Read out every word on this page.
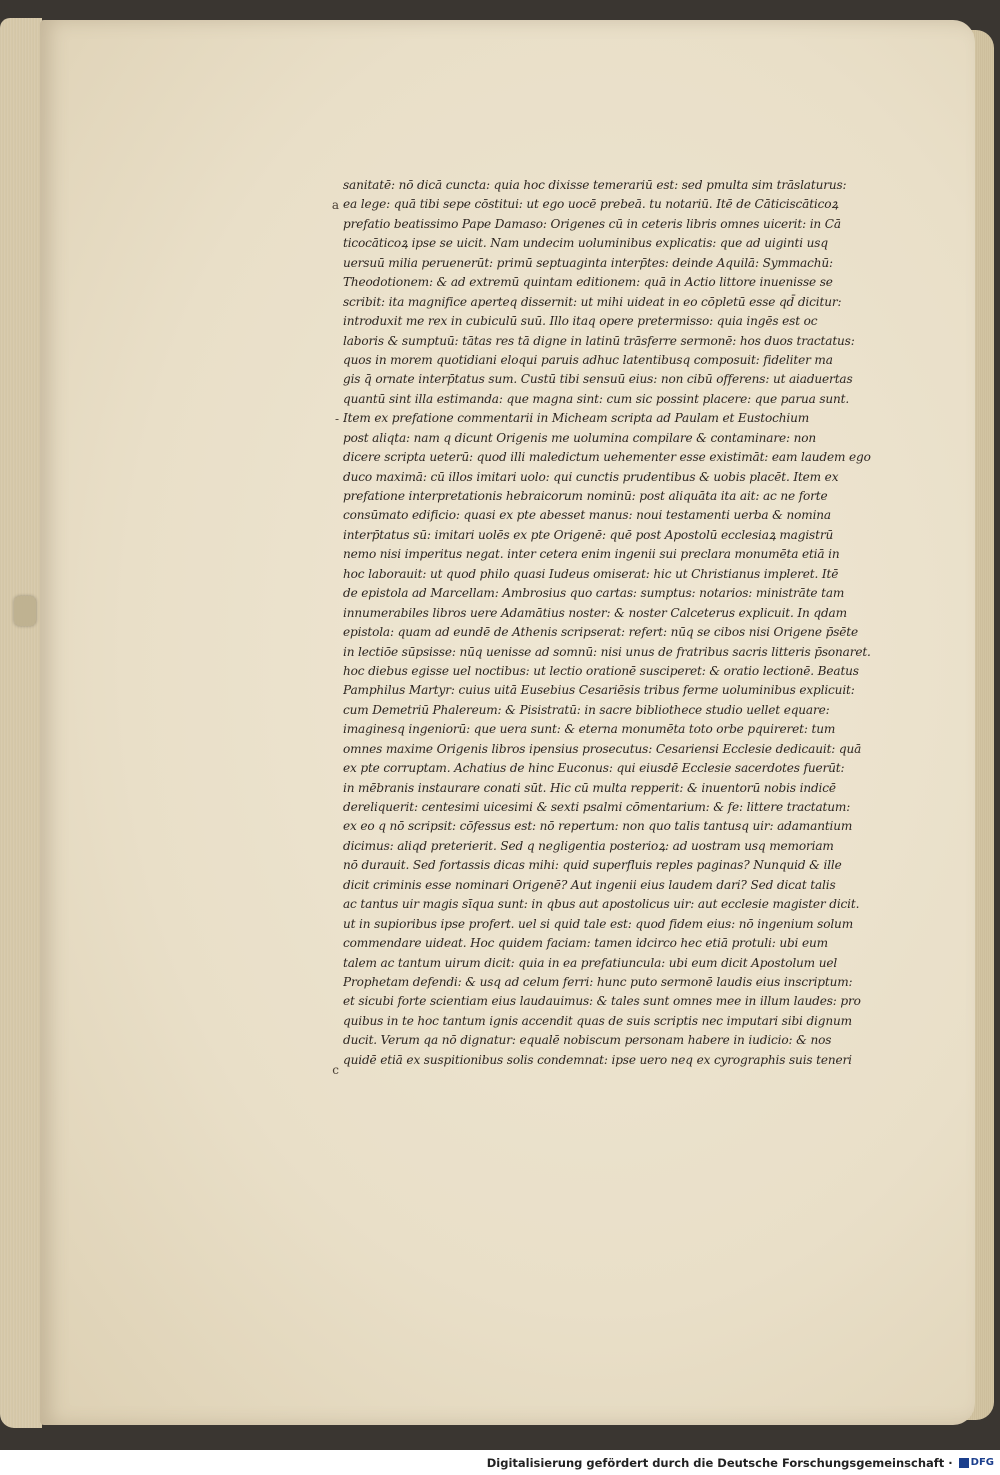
a
-
c
sanitatē: nō dicā cuncta: quia hoc dixisse temerariū est: sed pmulta sim trāslaturus:
ea lege: quā tibi sepe cōstitui: ut ego uocē prebeā. tu notariū. Itē de Cāticiscāticoꝝ
prefatio beatissimo Pape Damaso: Origenes cū in ceteris libris omnes uicerit: in Cā
ticocāticoꝝ ipse se uicit. Nam undecim uoluminibus explicatis: que ad uiginti usq
uersuū milia peruenerūt: primū septuaginta interp̄tes: deinde Aquilā: Symmachū:
Theodotionem: & ad extremū quintam editionem: quā in Actio littore inuenisse se
scribit: ita magnifice aperteq dissernit: ut mihi uideat in eo cōpletū esse qd̄ dicitur:
introduxit me rex in cubiculū suū. Illo itaq opere pretermisso: quia ingēs est oc
laboris & sumptuū: tātas res tā digne in latinū trāsferre sermonē: hos duos tractatus:
quos in morem quotidiani eloqui paruis adhuc latentibusq composuit: fideliter ma
gis q̄ ornate interp̄tatus sum. Custū tibi sensuū eius: non cibū offerens: ut aiaduertas
quantū sint illa estimanda: que magna sint: cum sic possint placere: que parua sunt.
Item ex prefatione commentarii in Micheam scripta ad Paulam et Eustochium
post aliqta: nam q dicunt Origenis me uolumina compilare & contaminare: non
dicere scripta ueterū: quod illi maledictum uehementer esse existimāt: eam laudem ego
duco maximā: cū illos imitari uolo: qui cunctis prudentibus & uobis placēt. Item ex
prefatione interpretationis hebraicorum nominū: post aliquāta ita ait: ac ne forte
consūmato edificio: quasi ex pte abesset manus: noui testamenti uerba & nomina
interp̄tatus sū: imitari uolēs ex pte Origenē: quē post Apostolū ecclesiaꝝ magistrū
nemo nisi imperitus negat. inter cetera enim ingenii sui preclara monumēta etiā in
hoc laborauit: ut quod philo quasi Iudeus omiserat: hic ut Christianus impleret. Itē
de epistola ad Marcellam: Ambrosius quo cartas: sumptus: notarios: ministrāte tam
innumerabiles libros uere Adamātius noster: & noster Calceterus explicuit. In qdam
epistola: quam ad eundē de Athenis scripserat: refert: nūq se cibos nisi Origene p̄sēte
in lectiōe sūpsisse: nūq uenisse ad somnū: nisi unus de fratribus sacris litteris p̄sonaret.
hoc diebus egisse uel noctibus: ut lectio orationē susciperet: & oratio lectionē. Beatus
Pamphilus Martyr: cuius uitā Eusebius Cesariēsis tribus ferme uoluminibus explicuit:
cum Demetriū Phalereum: & Pisistratū: in sacre bibliothece studio uellet equare:
imaginesq ingeniorū: que uera sunt: & eterna monumēta toto orbe pquireret: tum
omnes maxime Origenis libros ipensius prosecutus: Cesariensi Ecclesie dedicauit: quā
ex pte corruptam. Achatius de hinc Euconus: qui eiusdē Ecclesie sacerdotes fuerūt:
in mēbranis instaurare conati sūt. Hic cū multa repperit: & inuentorū nobis indicē
dereliquerit: centesimi uicesimi & sexti psalmi cōmentarium: & fe: littere tractatum:
ex eo q nō scripsit: cōfessus est: nō repertum: non quo talis tantusq uir: adamantium
dicimus: aliqd preterierit. Sed q negligentia posterioꝝ: ad uostram usq memoriam
nō durauit. Sed fortassis dicas mihi: quid superfluis reples paginas? Nunquid & ille
dicit criminis esse nominari Origenē? Aut ingenii eius laudem dari? Sed dicat talis
ac tantus uir magis sīqua sunt: in qbus aut apostolicus uir: aut ecclesie magister dicit.
ut in supioribus ipse profert. uel si quid tale est: quod fidem eius: nō ingenium solum
commendare uideat. Hoc quidem faciam: tamen idcirco hec etiā protuli: ubi eum
talem ac tantum uirum dicit: quia in ea prefatiuncula: ubi eum dicit Apostolum uel
Prophetam defendi: & usq ad celum ferri: hunc puto sermonē laudis eius inscriptum:
et sicubi forte scientiam eius laudauimus: & tales sunt omnes mee in illum laudes: pro
quibus in te hoc tantum ignis accendit quas de suis scriptis nec imputari sibi dignum
ducit. Verum qa nō dignatur: equalē nobiscum personam habere in iudicio: & nos
quidē etiā ex suspitionibus solis condemnat: ipse uero neq ex cyrographis suis teneri
Digitalisierung gefördert durch die Deutsche Forschungsgemeinschaft · DFG
